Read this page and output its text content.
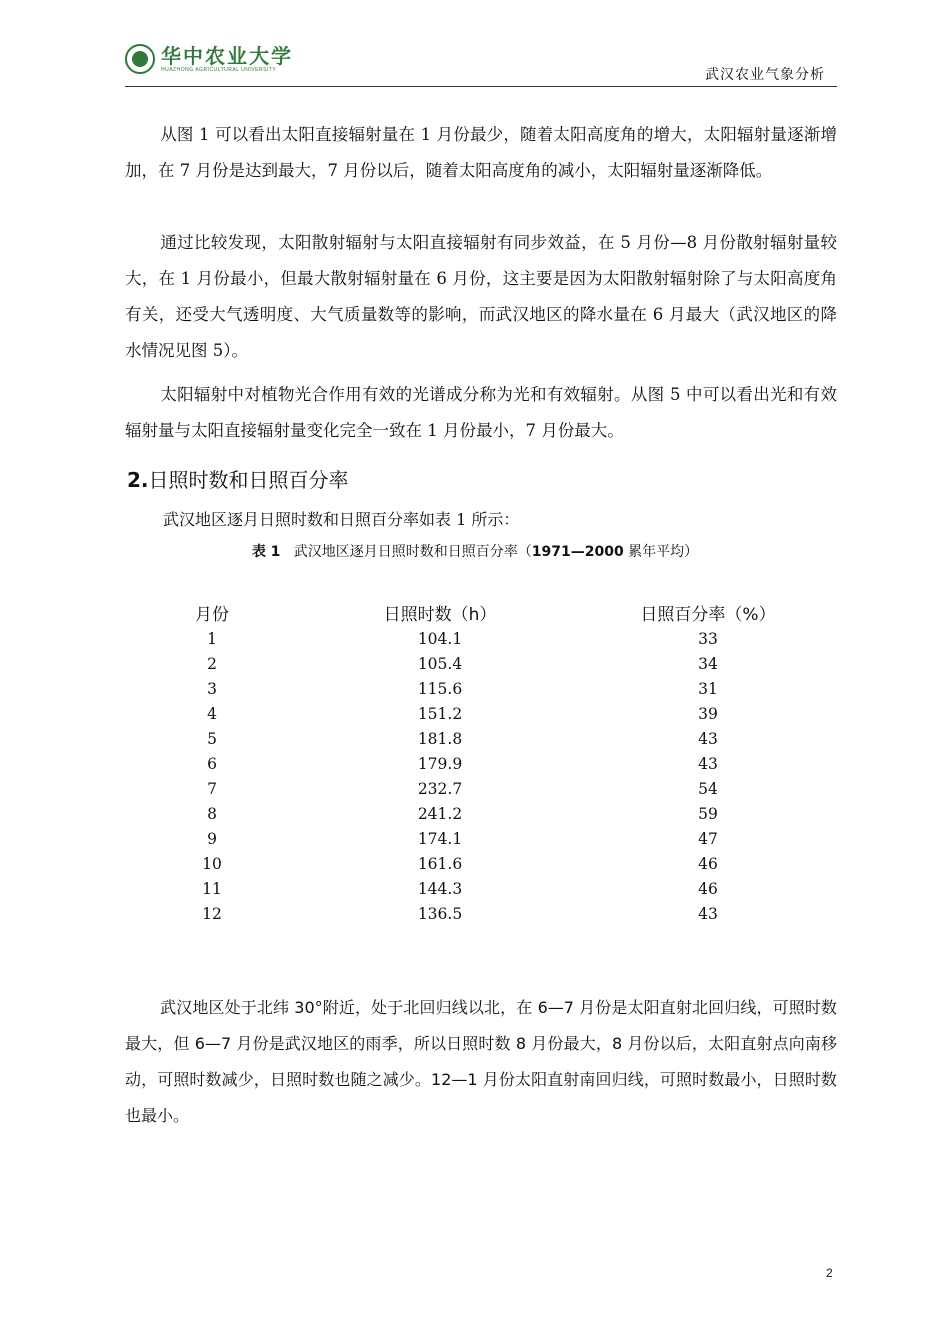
华中农业大学
HUAZHONG AGRICULTURAL UNIVERSITY	武汉农业气象分析
从图 1 可以看出太阳直接辐射量在 1 月份最少，随着太阳高度角的增大，太阳辐射量逐渐增加，在 7 月份是达到最大，7 月份以后，随着太阳高度角的减小，太阳辐射量逐渐降低。
通过比较发现，太阳散射辐射与太阳直接辐射有同步效益，在 5 月份—8 月份散射辐射量较大，在 1 月份最小，但最大散射辐射量在 6 月份，这主要是因为太阳散射辐射除了与太阳高度角有关，还受大气透明度、大气质量数等的影响，而武汉地区的降水量在 6 月最大（武汉地区的降水情况见图 5）。
太阳辐射中对植物光合作用有效的光谱成分称为光和有效辐射。从图 5 中可以看出光和有效辐射量与太阳直接辐射量变化完全一致在 1 月份最小，7 月份最大。
2.日照时数和日照百分率
武汉地区逐月日照时数和日照百分率如表 1 所示：
表 1 武汉地区逐月日照时数和日照百分率（1971—2000 累年平均）
月份	日照时数（h）	日照百分率（%）
1	104.1	33
2	105.4	34
3	115.6	31
4	151.2	39
5	181.8	43
6	179.9	43
7	232.7	54
8	241.2	59
9	174.1	47
10	161.6	46
11	144.3	46
12	136.5	43
武汉地区处于北纬 30°附近，处于北回归线以北，在 6—7 月份是太阳直射北回归线，可照时数最大，但 6—7 月份是武汉地区的雨季，所以日照时数 8 月份最大，8 月份以后，太阳直射点向南移动，可照时数减少，日照时数也随之减少。12—1 月份太阳直射南回归线，可照时数最小，日照时数也最小。
2
